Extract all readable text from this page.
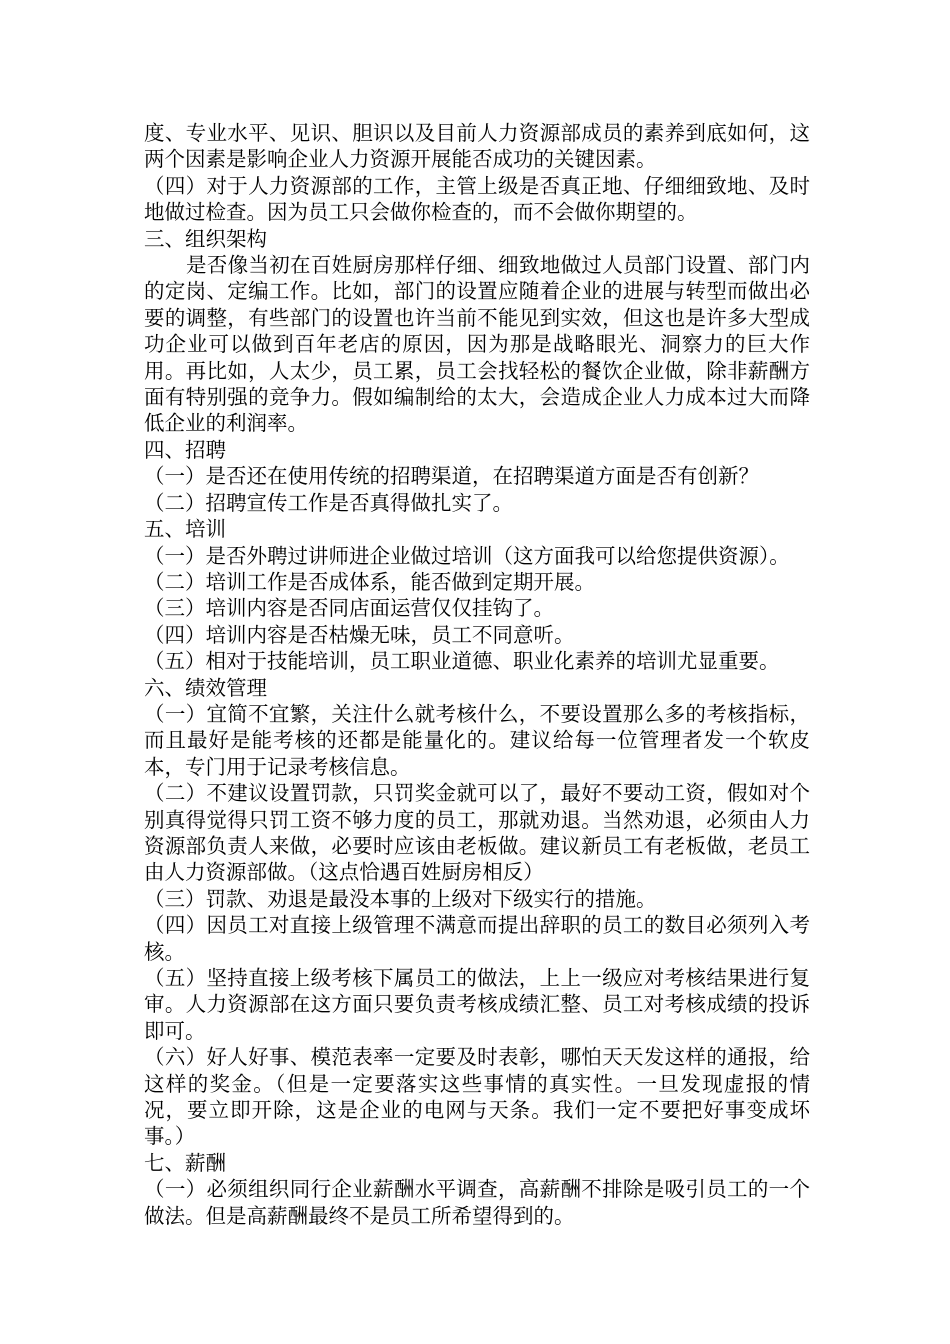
度、专业水平、见识、胆识以及目前人力资源部成员的素养到底如何，这两个因素是影响企业人力资源开展能否成功的关键因素。

（四）对于人力资源部的工作，主管上级是否真正地、仔细细致地、及时地做过检查。因为员工只会做你检查的，而不会做你期望的。

三、组织架构

是否像当初在百姓厨房那样仔细、细致地做过人员部门设置、部门内的定岗、定编工作。比如，部门的设置应随着企业的进展与转型而做出必要的调整，有些部门的设置也许当前不能见到实效，但这也是许多大型成功企业可以做到百年老店的原因，因为那是战略眼光、洞察力的巨大作用。再比如，人太少，员工累，员工会找轻松的餐饮企业做，除非薪酬方面有特别强的竞争力。假如编制给的太大，会造成企业人力成本过大而降低企业的利润率。

四、招聘

（一）是否还在使用传统的招聘渠道，在招聘渠道方面是否有创新？

（二）招聘宣传工作是否真得做扎实了。

五、培训

（一）是否外聘过讲师进企业做过培训（这方面我可以给您提供资源）。

（二）培训工作是否成体系，能否做到定期开展。

（三）培训内容是否同店面运营仅仅挂钩了。

（四）培训内容是否枯燥无味，员工不同意听。

（五）相对于技能培训，员工职业道德、职业化素养的培训尤显重要。

六、绩效管理

（一）宜简不宜繁，关注什么就考核什么，不要设置那么多的考核指标，而且最好是能考核的还都是能量化的。建议给每一位管理者发一个软皮本，专门用于记录考核信息。

（二）不建议设置罚款，只罚奖金就可以了，最好不要动工资，假如对个别真得觉得只罚工资不够力度的员工，那就劝退。当然劝退，必须由人力资源部负责人来做，必要时应该由老板做。建议新员工有老板做，老员工由人力资源部做。（这点恰遇百姓厨房相反）

（三）罚款、劝退是最没本事的上级对下级实行的措施。

（四）因员工对直接上级管理不满意而提出辞职的员工的数目必须列入考核。

（五）坚持直接上级考核下属员工的做法，上上一级应对考核结果进行复审。人力资源部在这方面只要负责考核成绩汇整、员工对考核成绩的投诉即可。

（六）好人好事、模范表率一定要及时表彰，哪怕天天发这样的通报，给这样的奖金。（但是一定要落实这些事情的真实性。一旦发现虚报的情况，要立即开除，这是企业的电网与天条。我们一定不要把好事变成坏事。）

七、薪酬

（一）必须组织同行企业薪酬水平调查，高薪酬不排除是吸引员工的一个做法。但是高薪酬最终不是员工所希望得到的。
